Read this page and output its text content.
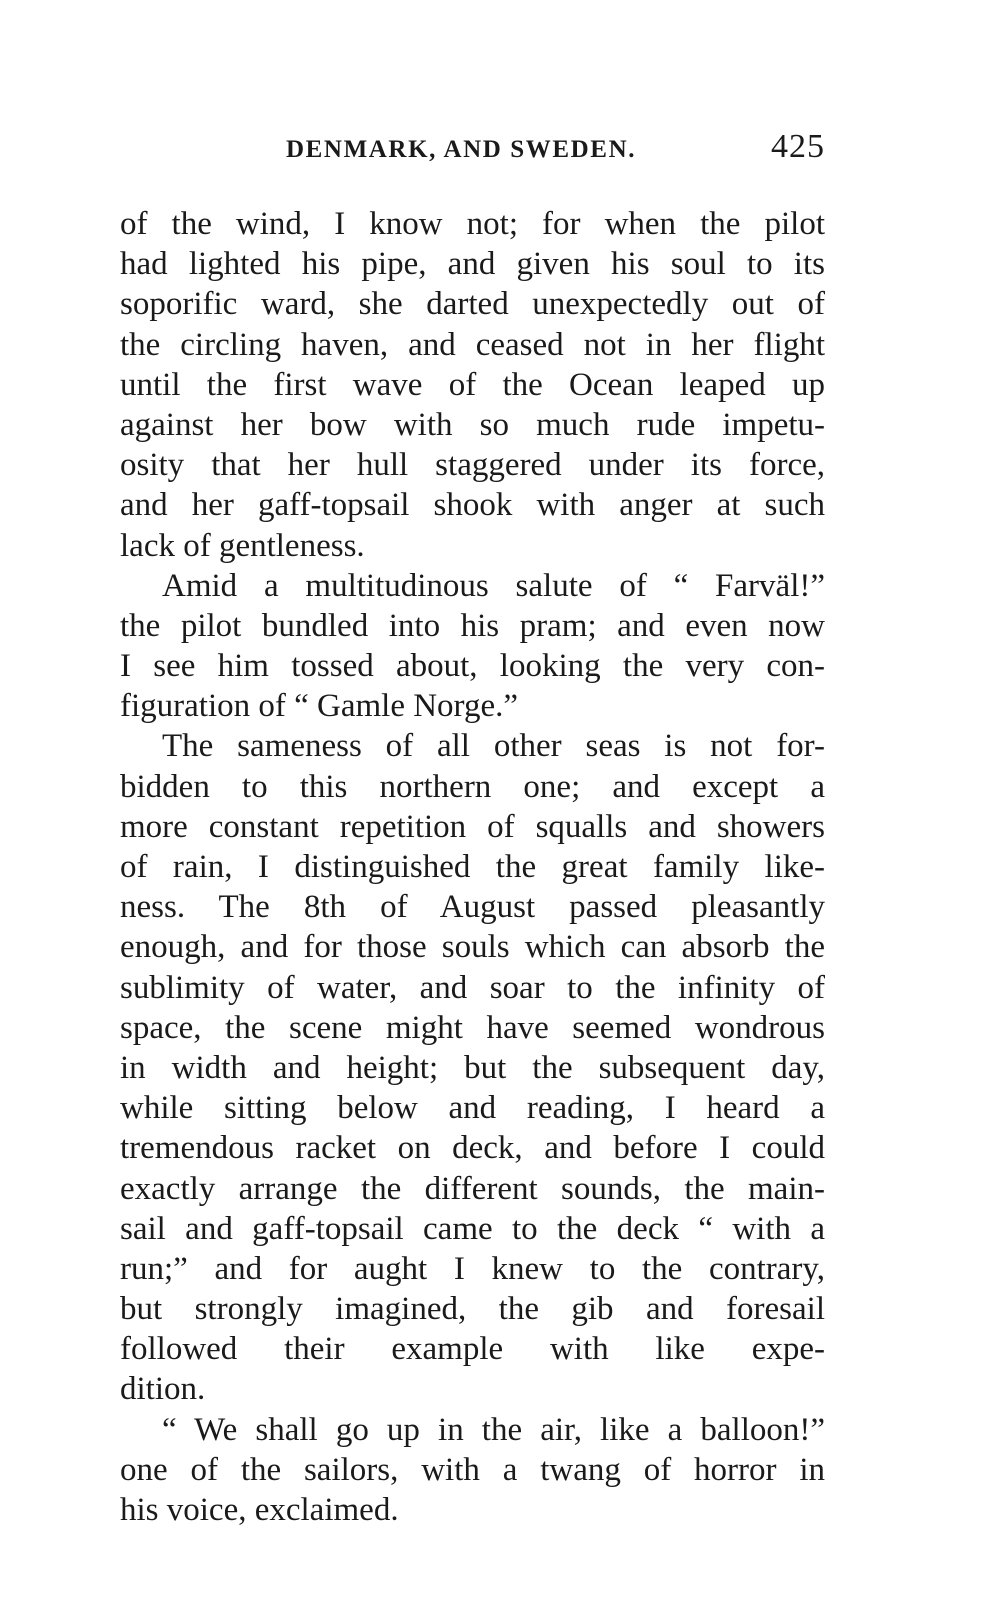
DENMARK, AND SWEDEN.	425
of the wind, I know not; for when the pilot
had lighted his pipe, and given his soul to its
soporific ward, she darted unexpectedly out of
the circling haven, and ceased not in her flight
until the first wave of the Ocean leaped up
against her bow with so much rude impetu-
osity that her hull staggered under its force,
and her gaff-topsail shook with anger at such
lack of gentleness.
Amid a multitudinous salute of “ Farväl!”
the pilot bundled into his pram; and even now
I see him tossed about, looking the very con-
figuration of “ Gamle Norge.”
The sameness of all other seas is not for-
bidden to this northern one; and except a
more constant repetition of squalls and showers
of rain, I distinguished the great family like-
ness. The 8th of August passed pleasantly
enough, and for those souls which can absorb the
sublimity of water, and soar to the infinity of
space, the scene might have seemed wondrous
in width and height; but the subsequent day,
while sitting below and reading, I heard a
tremendous racket on deck, and before I could
exactly arrange the different sounds, the main-
sail and gaff-topsail came to the deck “ with a
run;” and for aught I knew to the contrary,
but strongly imagined, the gib and foresail
followed their example with like expe-
dition.
“ We shall go up in the air, like a balloon!”
one of the sailors, with a twang of horror in
his voice, exclaimed.
